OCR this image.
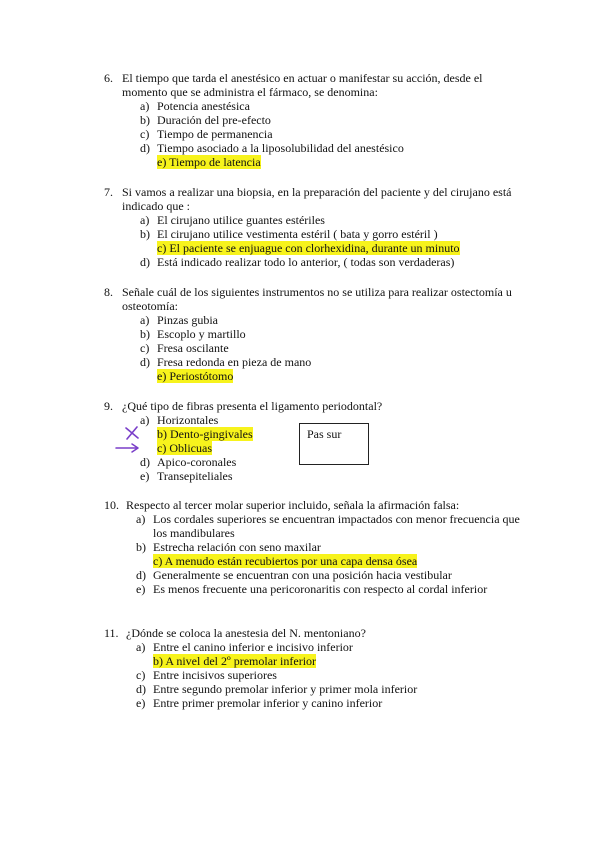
6. El tiempo que tarda el anestésico en actuar o manifestar su acción, desde el momento que se administra el fármaco, se denomina:
a) Potencia anestésica
b) Duración del pre-efecto
c) Tiempo de permanencia
d) Tiempo asociado a la liposolubilidad del anestésico
e) Tiempo de latencia
7. Si vamos a realizar una biopsia, en la preparación del paciente y del cirujano está indicado que :
a) El cirujano utilice guantes estériles
b) El cirujano utilice vestimenta estéril ( bata y gorro estéril )
c) El paciente se enjuague con clorhexidina, durante un minuto
d) Está indicado realizar todo lo anterior, ( todas son verdaderas)
8. Señale cuál de los siguientes instrumentos no se utiliza para realizar ostectomía u osteotomía:
a) Pinzas gubia
b) Escoplo y martillo
c) Fresa oscilante
d) Fresa redonda en pieza de mano
e) Periostótomo
9. ¿Qué tipo de fibras presenta el ligamento periodontal?
a) Horizontales
b) Dento-gingivales
c) Oblicuas
d) Apico-coronales
e) Transepiteliales
Pas sur
10. Respecto al tercer molar superior incluido, señala la afirmación falsa:
a) Los cordales superiores se encuentran impactados con menor frecuencia que los mandibulares
b) Estrecha relación con seno maxilar
c) A menudo están recubiertos por una capa densa ósea
d) Generalmente se encuentran con una posición hacia vestibular
e) Es menos frecuente una pericoronaritis con respecto al cordal inferior
11. ¿Dónde se coloca la anestesia del N. mentoniano?
a) Entre el canino inferior e incisivo inferior
b) A nivel del 2º premolar inferior
c) Entre incisivos superiores
d) Entre segundo premolar inferior y primer mola inferior
e) Entre primer premolar inferior y canino inferior
